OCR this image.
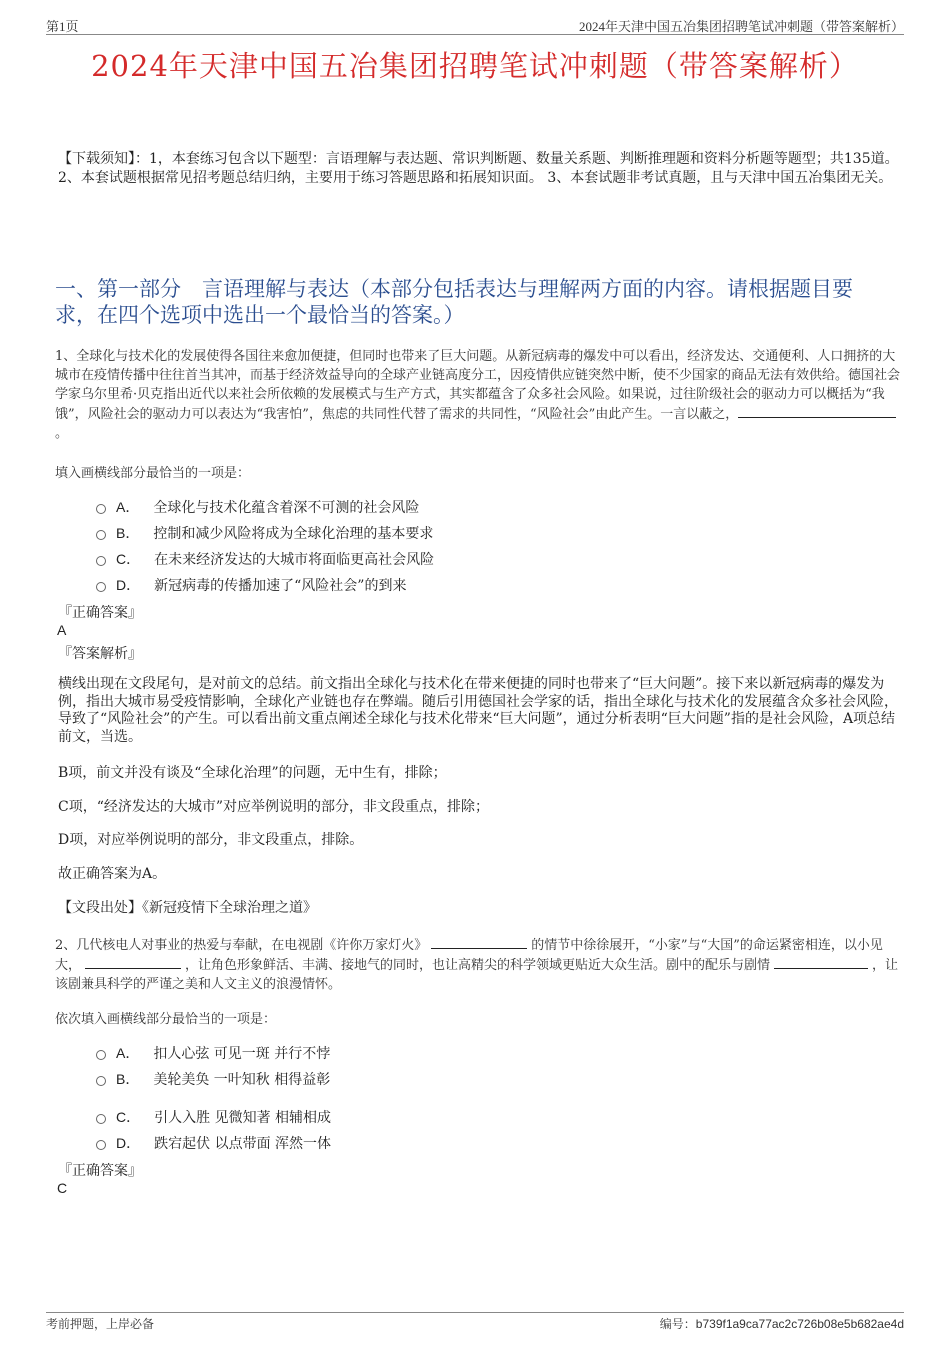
第1页	2024年天津中国五冶集团招聘笔试冲刺题（带答案解析）
2024年天津中国五冶集团招聘笔试冲刺题（带答案解析）
【下载须知】：1，本套练习包含以下题型：言语理解与表达题、常识判断题、数量关系题、判断推理题和资料分析题等题型；共135道。 2、本套试题根据常见招考题总结归纳，主要用于练习答题思路和拓展知识面。 3、本套试题非考试真题，且与天津中国五冶集团无关。
一、第一部分　言语理解与表达（本部分包括表达与理解两方面的内容。请根据题目要求，在四个选项中选出一个最恰当的答案。）
1、全球化与技术化的发展使得各国往来愈加便捷，但同时也带来了巨大问题。从新冠病毒的爆发中可以看出，经济发达、交通便利、人口拥挤的大城市在疫情传播中往往首当其冲，而基于经济效益导向的全球产业链高度分工，因疫情供应链突然中断，使不少国家的商品无法有效供给。德国社会学家乌尔里希·贝克指出近代以来社会所依赖的发展模式与生产方式，其实都蕴含了众多社会风险。如果说，过往阶级社会的驱动力可以概括为“我饿”，风险社会的驱动力可以表达为“我害怕”，焦虑的共同性代替了需求的共同性，“风险社会”由此产生。一言以蔽之，。
填入画横线部分最恰当的一项是：
A． 全球化与技术化蕴含着深不可测的社会风险
B． 控制和减少风险将成为全球化治理的基本要求
C． 在未来经济发达的大城市将面临更高社会风险
D． 新冠病毒的传播加速了“风险社会”的到来
『正确答案』
A
『答案解析』
横线出现在文段尾句，是对前文的总结。前文指出全球化与技术化在带来便捷的同时也带来了“巨大问题”。接下来以新冠病毒的爆发为例，指出大城市易受疫情影响，全球化产业链也存在弊端。随后引用德国社会学家的话，指出全球化与技术化的发展蕴含众多社会风险，导致了“风险社会”的产生。可以看出前文重点阐述全球化与技术化带来“巨大问题”，通过分析表明“巨大问题”指的是社会风险，A项总结前文，当选。
B项，前文并没有谈及“全球化治理”的问题，无中生有，排除；
C项，“经济发达的大城市”对应举例说明的部分，非文段重点，排除；
D项，对应举例说明的部分，非文段重点，排除。
故正确答案为A。
【文段出处】《新冠疫情下全球治理之道》
2、几代核电人对事业的热爱与奉献，在电视剧《许你万家灯火》	的情节中徐徐展开，“小家”与“大国”的命运紧密相连，以小见大，	，让角色形象鲜活、丰满、接地气的同时，也让高精尖的科学领域更贴近大众生活。剧中的配乐与剧情	，让该剧兼具科学的严谨之美和人文主义的浪漫情怀。
依次填入画横线部分最恰当的一项是：
A． 扣人心弦 可见一斑 并行不悖
B． 美轮美奂 一叶知秋 相得益彰
C． 引人入胜 见微知著 相辅相成
D． 跌宕起伏 以点带面 浑然一体
『正确答案』
C
考前押题，上岸必备	编号：b739f1a9ca77ac2c726b08e5b682ae4d
